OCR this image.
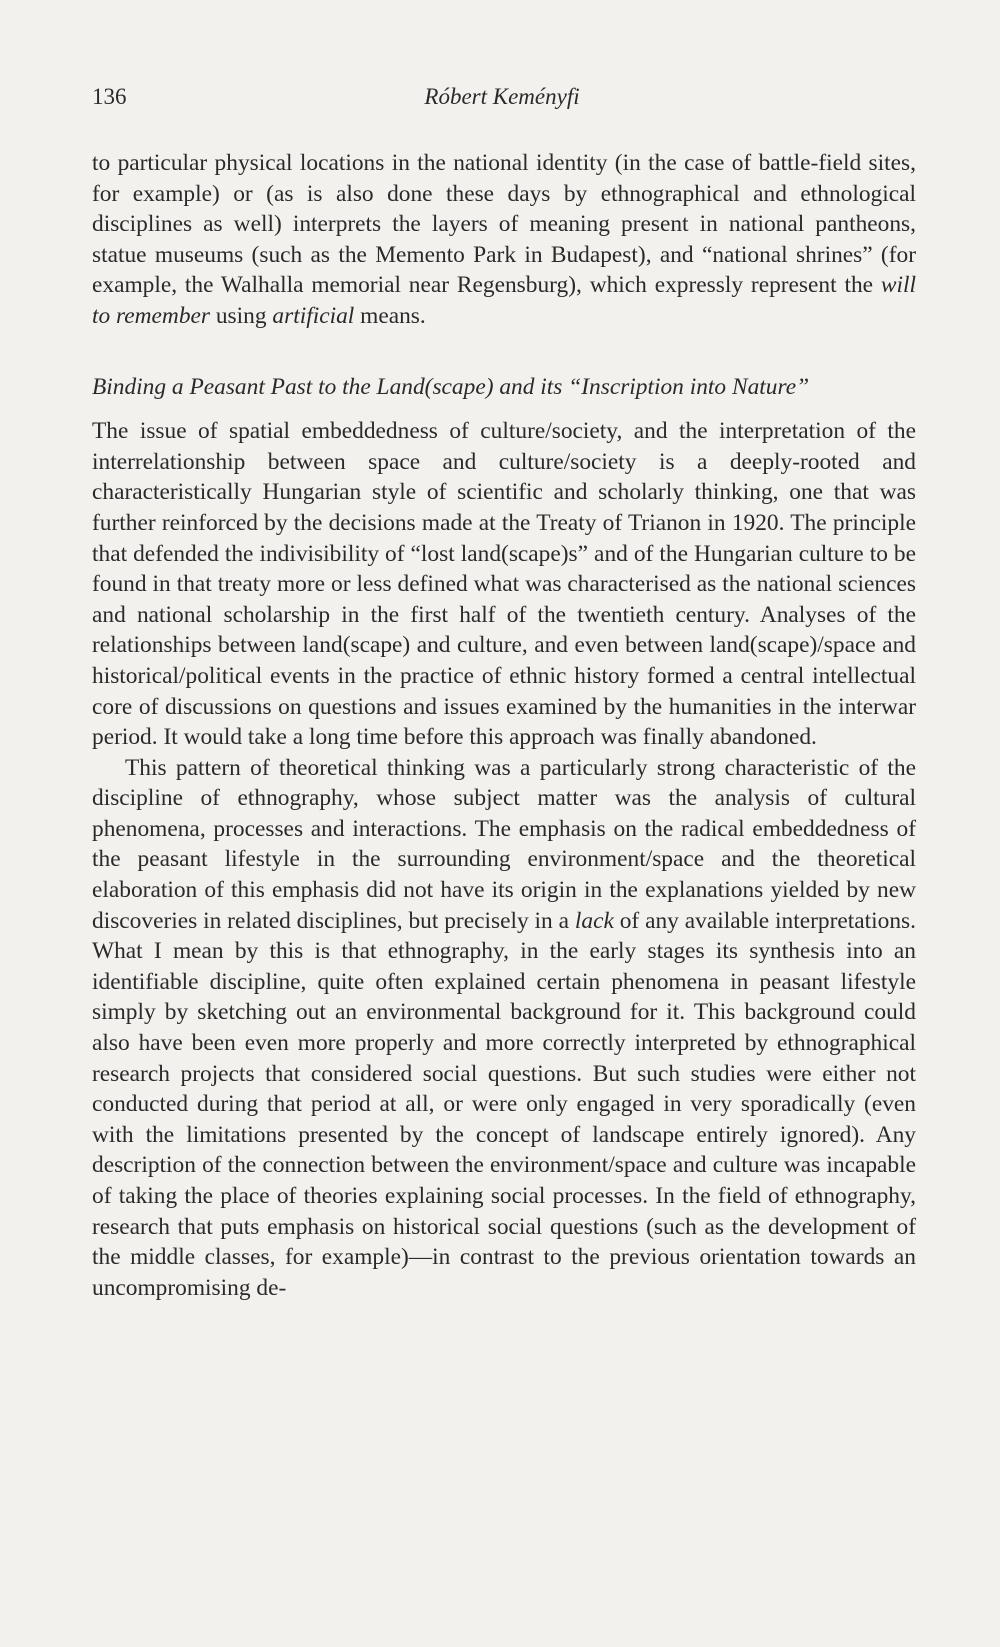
136	Róbert Keményfi

to particular physical locations in the national identity (in the case of battle-field sites, for example) or (as is also done these days by ethnographical and ethnological disciplines as well) interprets the layers of meaning present in national pantheons, statue museums (such as the Memento Park in Budapest), and “national shrines” (for example, the Walhalla memorial near Regensburg), which expressly represent the will to remember using artificial means.

Binding a Peasant Past to the Land(scape) and its “Inscription into Nature”

The issue of spatial embeddedness of culture/society, and the interpretation of the interrelationship between space and culture/society is a deeply-rooted and characteristically Hungarian style of scientific and scholarly thinking, one that was further reinforced by the decisions made at the Treaty of Trianon in 1920. The principle that defended the indivisibility of “lost land(scape)s” and of the Hungarian culture to be found in that treaty more or less defined what was characterised as the national sciences and national scholarship in the first half of the twentieth century. Analyses of the relationships between land(scape) and culture, and even between land(scape)/space and historical/political events in the practice of ethnic history formed a central intellectual core of discussions on questions and issues examined by the humanities in the interwar period. It would take a long time before this approach was finally abandoned.

This pattern of theoretical thinking was a particularly strong characteristic of the discipline of ethnography, whose subject matter was the analysis of cultural phenomena, processes and interactions. The emphasis on the radical embeddedness of the peasant lifestyle in the surrounding environment/space and the theoretical elaboration of this emphasis did not have its origin in the explanations yielded by new discoveries in related disciplines, but precisely in a lack of any available interpretations. What I mean by this is that ethnography, in the early stages its synthesis into an identifiable discipline, quite often explained certain phenomena in peasant lifestyle simply by sketching out an environmental background for it. This background could also have been even more properly and more correctly interpreted by ethnographical research projects that considered social questions. But such studies were either not conducted during that period at all, or were only engaged in very sporadically (even with the limitations presented by the concept of landscape entirely ignored). Any description of the connection between the environment/space and culture was incapable of taking the place of theories explaining social processes. In the field of ethnography, research that puts emphasis on historical social questions (such as the development of the middle classes, for example)—in contrast to the previous orientation towards an uncompromising de-
